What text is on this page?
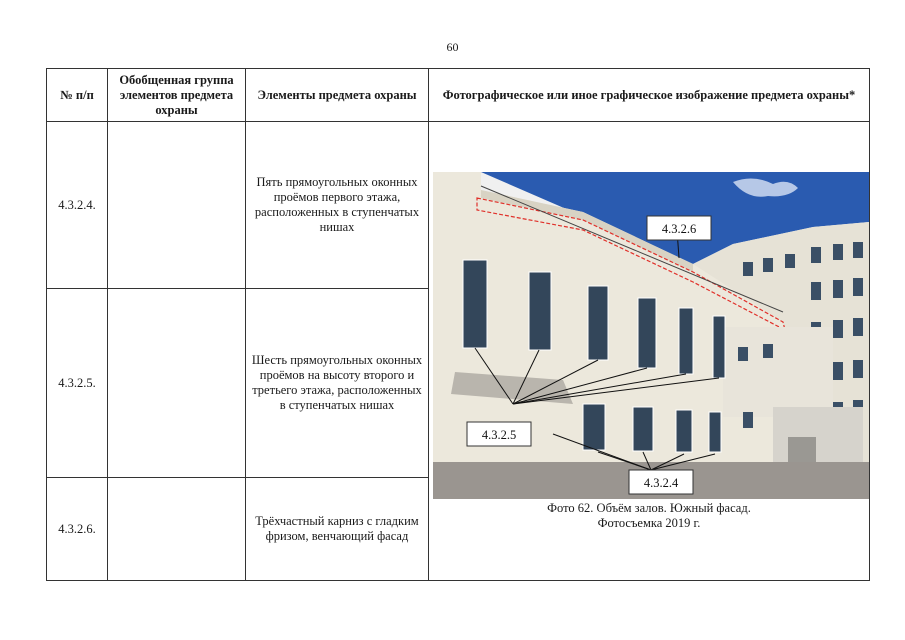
60
№ п/п	Обобщенная группа элементов предмета охраны	Элементы предмета охраны	Фотографическое или иное графическое изображение предмета охраны*
4.3.2.4.		Пять прямоугольных оконных проёмов первого этажа, расположенных в ступенчатых нишах	4.3.2.6
4.3.2.5
4.3.2.4
Фото 62. Объём залов. Южный фасад.
Фотосъемка 2019 г.

4.3.2.5.		Шесть прямоугольных оконных проёмов на высоту второго и третьего этажа, расположенных в ступенчатых нишах	
4.3.2.6.		Трёхчастный карниз с гладким фризом, венчающий фасад	
